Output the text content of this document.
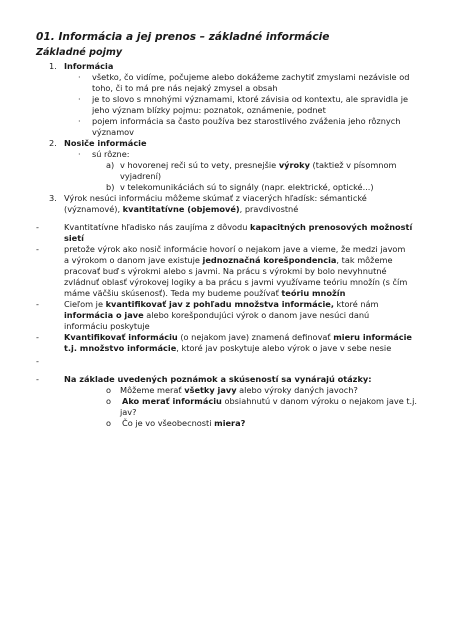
01. Informácia a jej prenos – základné informácie
Základné pojmy
1. Informácia
· všetko, čo vidíme, počujeme alebo dokážeme zachytiť zmyslami nezávisle od
toho, či to má pre nás nejaký zmysel a obsah
· je to slovo s mnohými významami, ktoré závisia od kontextu, ale spravidla je
jeho význam blízky pojmu: poznatok, oznámenie, podnet
· pojem informácia sa často používa bez starostlivého zváženia jeho rôznych
významov
2. Nosiče informácie
· sú rôzne:
a) v hovorenej reči sú to vety, presnejšie výroky (taktiež v písomnom
vyjadrení)
b) v telekomunikáciách sú to signály (napr. elektrické, optické...)
3. Výrok nesúci informáciu môžeme skúmať z viacerých hľadísk: sémantické
(významové), kvantitatívne (objemové), pravdivostné
-	Kvantitatívne hľadisko nás zaujíma z dôvodu kapacitných prenosových možností
sietí
-	pretože výrok ako nosič informácie hovorí o nejakom jave a vieme, že medzi javom
a výrokom o danom jave existuje jednoznačná korešpondencia, tak môžeme
pracovať buď s výrokmi alebo s javmi. Na prácu s výrokmi by bolo nevyhnutné
zvládnuť oblasť výrokovej logiky a ba prácu s javmi využívame teóriu množín (s čím
máme väčšiu skúsenosť). Teda my budeme používať teóriu množín
-	Cieľom je kvantifikovať jav z pohľadu množstva informácie, ktoré nám
informácia o jave alebo korešpondujúci výrok o danom jave nesúci danú
informáciu poskytuje
-	Kvantifikovať informáciu (o nejakom jave) znamená definovať mieru informácie
t.j. množstvo informácie, ktoré jav poskytuje alebo výrok o jave v sebe nesie
-
-	Na základe uvedených poznámok a skúseností sa vynárajú otázky:
o Môžeme merať všetky javy alebo výroky daných javoch?
o Ako merať informáciu obsiahnutú v danom výroku o nejakom jave t.j.
jav?
o Čo je vo všeobecnosti miera?
